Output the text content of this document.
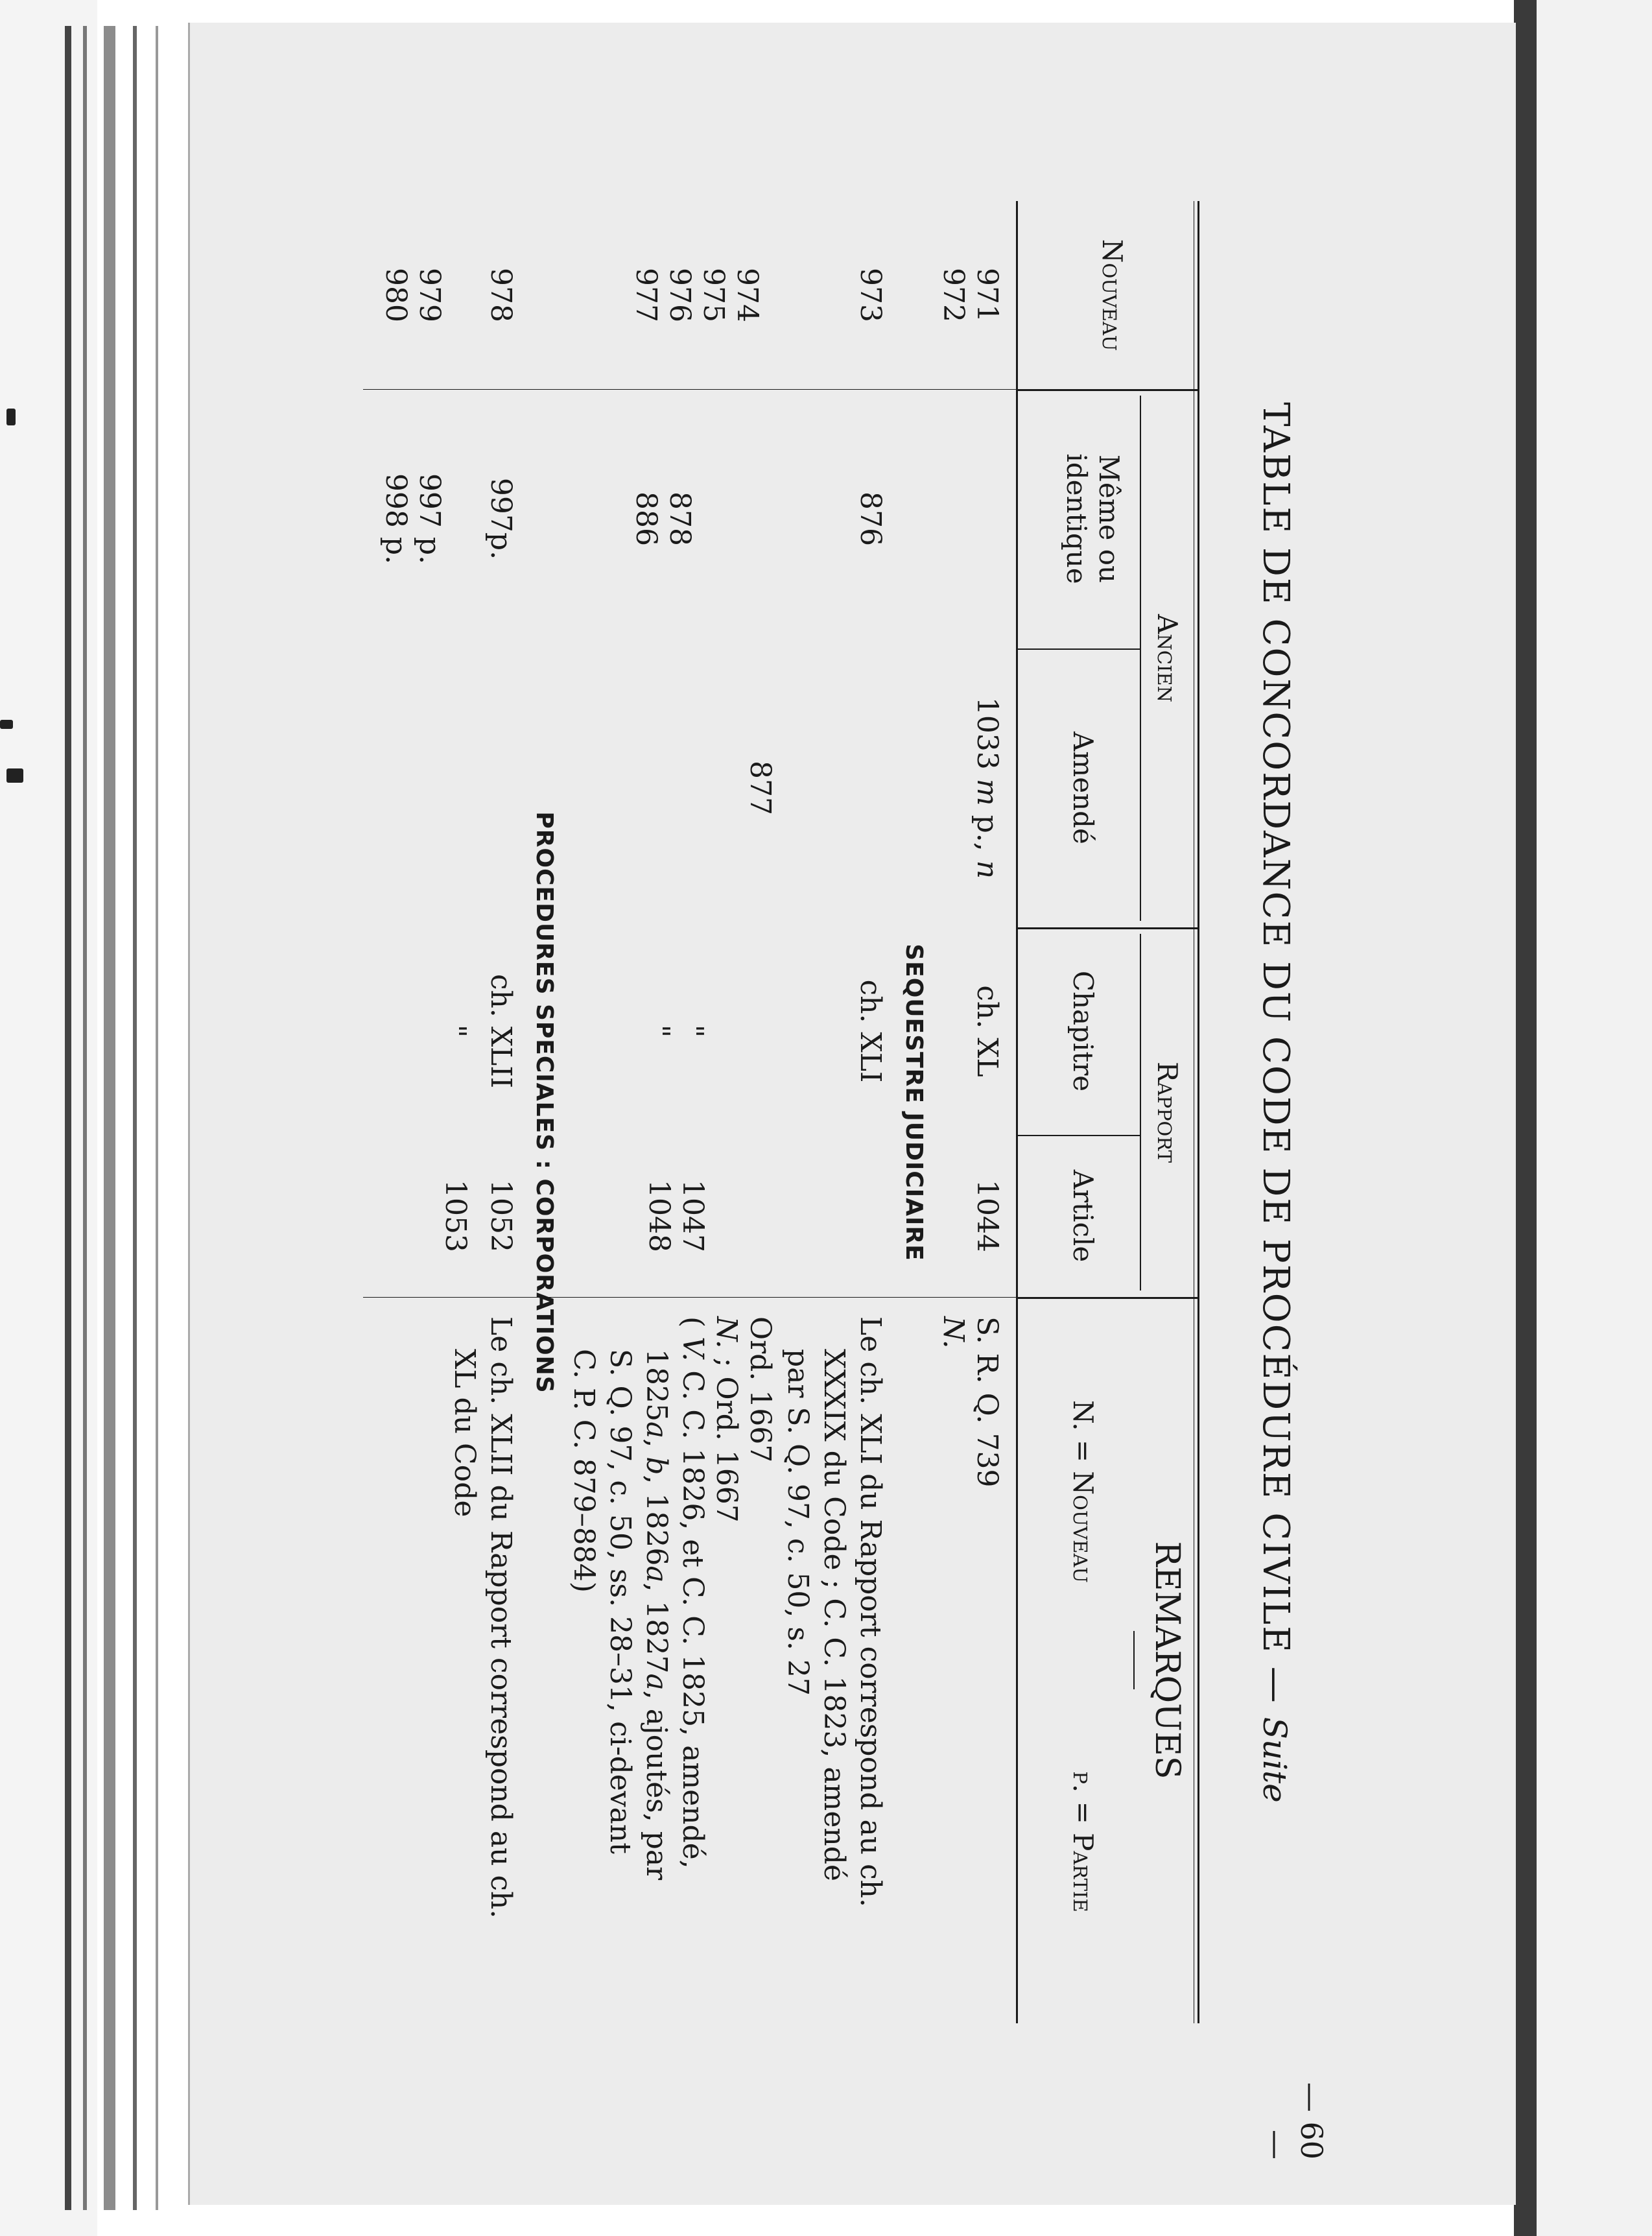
— 60 —
TABLE DE CONCORDANCE DU CODE DE PROCÉDURE CIVILE — Suite
Nouveau
Ancien
Même ou identique
Amendé
Rapport
Chapitre
Article
REMARQUES
N. = Nouveau
p. = Partie
971
1033 m p., n
ch. XL
1044
S. R. Q. 739
972
N.
SEQUESTRE JUDICIAIRE
973
876
ch. XLI
Le ch. XLI du Rapport correspond au ch.
XXXIX du Code ; C. C. 1823, amendé
par S. Q. 97, c. 50, s. 27
974
877
Ord. 1667
975
N. ; Ord. 1667
976
878
"
1047
( V. C. C. 1826, et C. C. 1825, amendé,
1825a, b, 1826a, 1827a, ajoutés, par
S. Q. 97, c. 50, ss. 28–31, ci-devant
C. P. C. 879–884)
977
886
"
1048
PROCEDURES SPECIALES : CORPORATIONS
978
997p.
ch. XLII
1052
Le ch. XLII du Rapport correspond au ch.
XL du Code
979
997 p.
"
1053
980
998 p.
